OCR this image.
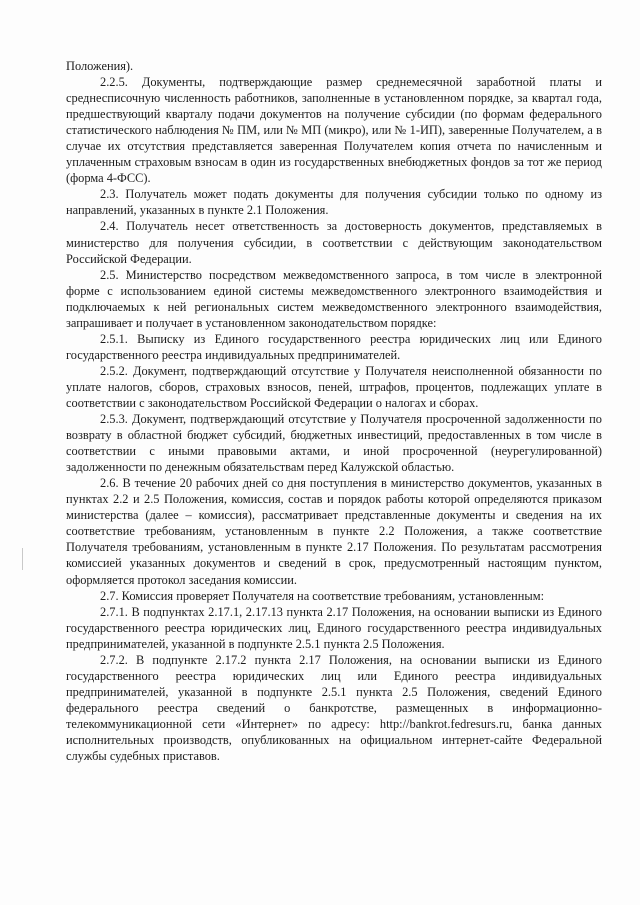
Положения).

2.2.5. Документы, подтверждающие размер среднемесячной заработной платы и среднесписочную численность работников, заполненные в установленном порядке, за квартал года, предшествующий кварталу подачи документов на получение субсидии (по формам федерального статистического наблюдения № ПМ, или № МП (микро), или № 1-ИП), заверенные Получателем, а в случае их отсутствия представляется заверенная Получателем копия отчета по начисленным и уплаченным страховым взносам в один из государственных внебюджетных фондов за тот же период (форма 4-ФСС).

2.3. Получатель может подать документы для получения субсидии только по одному из направлений, указанных в пункте 2.1 Положения.

2.4. Получатель несет ответственность за достоверность документов, представляемых в министерство для получения субсидии, в соответствии с действующим законодательством Российской Федерации.

2.5. Министерство посредством межведомственного запроса, в том числе в электронной форме с использованием единой системы межведомственного электронного взаимодействия и подключаемых к ней региональных систем межведомственного электронного взаимодействия, запрашивает и получает в установленном законодательством порядке:

2.5.1. Выписку из Единого государственного реестра юридических лиц или Единого государственного реестра индивидуальных предпринимателей.

2.5.2. Документ, подтверждающий отсутствие у Получателя неисполненной обязанности по уплате налогов, сборов, страховых взносов, пеней, штрафов, процентов, подлежащих уплате в соответствии с законодательством Российской Федерации о налогах и сборах.

2.5.3. Документ, подтверждающий отсутствие у Получателя просроченной задолженности по возврату в областной бюджет субсидий, бюджетных инвестиций, предоставленных в том числе в соответствии с иными правовыми актами, и иной просроченной (неурегулированной) задолженности по денежным обязательствам перед Калужской областью.

2.6. В течение 20 рабочих дней со дня поступления в министерство документов, указанных в пунктах 2.2 и 2.5 Положения, комиссия, состав и порядок работы которой определяются приказом министерства (далее – комиссия), рассматривает представленные документы и сведения на их соответствие требованиям, установленным в пункте 2.2 Положения, а также соответствие Получателя требованиям, установленным в пункте 2.17 Положения. По результатам рассмотрения комиссией указанных документов и сведений в срок, предусмотренный настоящим пунктом, оформляется протокол заседания комиссии.

2.7. Комиссия проверяет Получателя на соответствие требованиям, установленным:

2.7.1. В подпунктах 2.17.1, 2.17.13 пункта 2.17 Положения, на основании выписки из Единого государственного реестра юридических лиц, Единого государственного реестра индивидуальных предпринимателей, указанной в подпункте 2.5.1 пункта 2.5 Положения.

2.7.2. В подпункте 2.17.2 пункта 2.17 Положения, на основании выписки из Единого государственного реестра юридических лиц или Единого реестра индивидуальных предпринимателей, указанной в подпункте 2.5.1 пункта 2.5 Положения, сведений Единого федерального реестра сведений о банкротстве, размещенных в информационно-телекоммуникационной сети «Интернет» по адресу: http://bankrot.fedresurs.ru, банка данных исполнительных производств, опубликованных на официальном интернет-сайте Федеральной службы судебных приставов.
